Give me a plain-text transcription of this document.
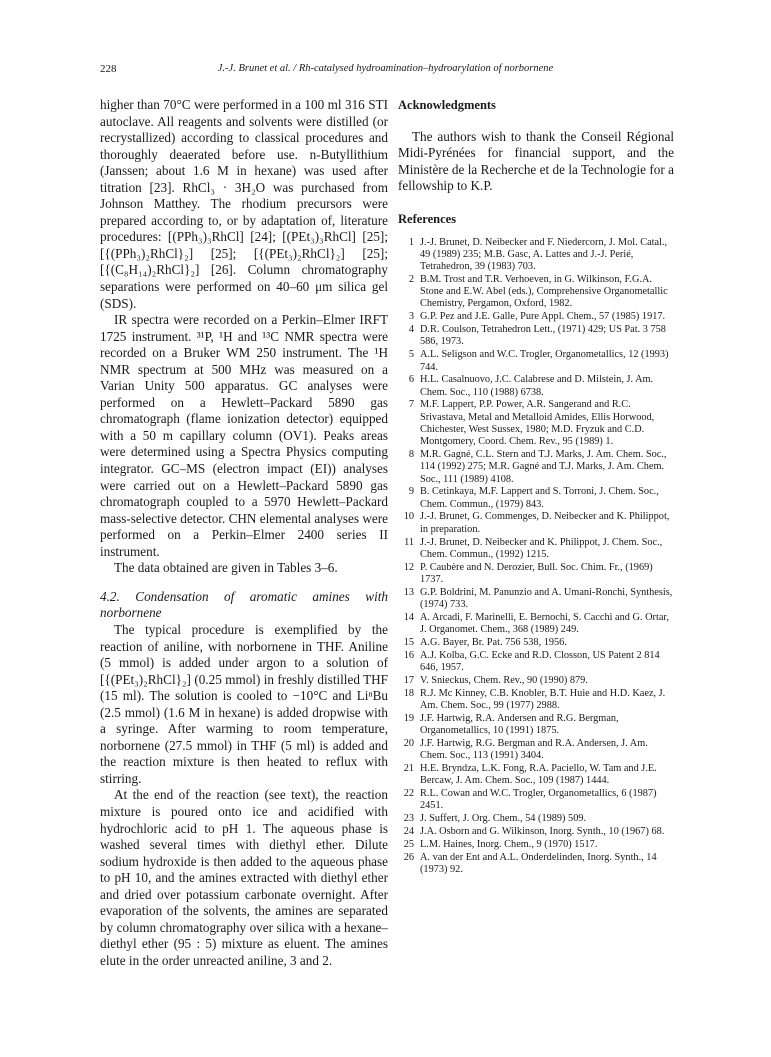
228	J.-J. Brunet et al. / Rh-catalysed hydroamination–hydroarylation of norbornene

higher than 70°C were performed in a 100 ml 316 STI autoclave. All reagents and solvents were distilled (or recrystallized) according to classical procedures and thoroughly deaerated before use. n-Butyllithium (Janssen; about 1.6 M in hexane) was used after titration [23]. RhCl₃ · 3H₂O was purchased from Johnson Matthey. The rhodium precursors were prepared according to, or by adaptation of, literature procedures: [(PPh₃)₃RhCl] [24]; [(PEt₃)₃RhCl] [25]; [{(PPh₃)₂RhCl}₂] [25]; [{(PEt₃)₂RhCl}₂] [25]; [{(C₈H₁₄)₂RhCl}₂] [26]. Column chromatography separations were performed on 40–60 μm silica gel (SDS).

IR spectra were recorded on a Perkin–Elmer IRFT 1725 instrument. ³¹P, ¹H and ¹³C NMR spectra were recorded on a Bruker WM 250 instrument. The ¹H NMR spectrum at 500 MHz was measured on a Varian Unity 500 apparatus. GC analyses were performed on a Hewlett–Packard 5890 gas chromatograph (flame ionization detector) equipped with a 50 m capillary column (OV1). Peaks areas were determined using a Spectra Physics computing integrator. GC–MS (electron impact (EI)) analyses were carried out on a Hewlett–Packard 5890 gas chromatograph coupled to a 5970 Hewlett–Packard mass-selective detector. CHN elemental analyses were performed on a Perkin–Elmer 2400 series II instrument.

The data obtained are given in Tables 3–6.

4.2. Condensation of aromatic amines with norbornene

The typical procedure is exemplified by the reaction of aniline, with norbornene in THF. Aniline (5 mmol) is added under argon to a solution of [{(PEt₃)₂RhCl}₂] (0.25 mmol) in freshly distilled THF (15 ml). The solution is cooled to −10°C and LiⁿBu (2.5 mmol) (1.6 M in hexane) is added dropwise with a syringe. After warming to room temperature, norbornene (27.5 mmol) in THF (5 ml) is added and the reaction mixture is then heated to reflux with stirring.

At the end of the reaction (see text), the reaction mixture is poured onto ice and acidified with hydrochloric acid to pH 1. The aqueous phase is washed several times with diethyl ether. Dilute sodium hydroxide is then added to the aqueous phase to pH 10, and the amines extracted with diethyl ether and dried over potassium carbonate overnight. After evaporation of the solvents, the amines are separated by column chromatography over silica with a hexane–diethyl ether (95 : 5) mixture as eluent. The amines elute in the order unreacted aniline, 3 and 2.

Acknowledgments

The authors wish to thank the Conseil Régional Midi-Pyrénées for financial support, and the Ministère de la Recherche et de la Technologie for a fellowship to K.P.

References
1 J.-J. Brunet, D. Neibecker and F. Niedercorn, J. Mol. Catal., 49 (1989) 235; M.B. Gasc, A. Lattes and J.-J. Perié, Tetrahedron, 39 (1983) 703.
2 B.M. Trost and T.R. Verhoeven, in G. Wilkinson, F.G.A. Stone and E.W. Abel (eds.), Comprehensive Organometallic Chemistry, Pergamon, Oxford, 1982.
3 G.P. Pez and J.E. Galle, Pure Appl. Chem., 57 (1985) 1917.
4 D.R. Coulson, Tetrahedron Lett., (1971) 429; US Pat. 3 758 586, 1973.
5 A.L. Seligson and W.C. Trogler, Organometallics, 12 (1993) 744.
6 H.L. Casalnuovo, J.C. Calabrese and D. Milstein, J. Am. Chem. Soc., 110 (1988) 6738.
7 M.F. Lappert, P.P. Power, A.R. Sangerand and R.C. Srivastava, Metal and Metalloid Amides, Ellis Horwood, Chichester, West Sussex, 1980; M.D. Fryzuk and C.D. Montgomery, Coord. Chem. Rev., 95 (1989) 1.
8 M.R. Gagné, C.L. Stern and T.J. Marks, J. Am. Chem. Soc., 114 (1992) 275; M.R. Gagné and T.J. Marks, J. Am. Chem. Soc., 111 (1989) 4108.
9 B. Cetinkaya, M.F. Lappert and S. Torroni, J. Chem. Soc., Chem. Commun., (1979) 843.
10 J.-J. Brunet, G. Commenges, D. Neibecker and K. Philippot, in preparation.
11 J.-J. Brunet, D. Neibecker and K. Philippot, J. Chem. Soc., Chem. Commun., (1992) 1215.
12 P. Caubère and N. Derozier, Bull. Soc. Chim. Fr., (1969) 1737.
13 G.P. Boldrini, M. Panunzio and A. Umani-Ronchi, Synthesis, (1974) 733.
14 A. Arcadi, F. Marinelli, E. Bernochi, S. Cacchi and G. Ortar, J. Organomet. Chem., 368 (1989) 249.
15 A.G. Bayer, Br. Pat. 756 538, 1956.
16 A.J. Kolba, G.C. Ecke and R.D. Closson, US Patent 2 814 646, 1957.
17 V. Snieckus, Chem. Rev., 90 (1990) 879.
18 R.J. Mc Kinney, C.B. Knobler, B.T. Huie and H.D. Kaez, J. Am. Chem. Soc., 99 (1977) 2988.
19 J.F. Hartwig, R.A. Andersen and R.G. Bergman, Organometallics, 10 (1991) 1875.
20 J.F. Hartwig, R.G. Bergman and R.A. Andersen, J. Am. Chem. Soc., 113 (1991) 3404.
21 H.E. Bryndza, L.K. Fong, R.A. Paciello, W. Tam and J.E. Bercaw, J. Am. Chem. Soc., 109 (1987) 1444.
22 R.L. Cowan and W.C. Trogler, Organometallics, 6 (1987) 2451.
23 J. Suffert, J. Org. Chem., 54 (1989) 509.
24 J.A. Osborn and G. Wilkinson, Inorg. Synth., 10 (1967) 68.
25 L.M. Haines, Inorg. Chem., 9 (1970) 1517.
26 A. van der Ent and A.L. Onderdelinden, Inorg. Synth., 14 (1973) 92.
